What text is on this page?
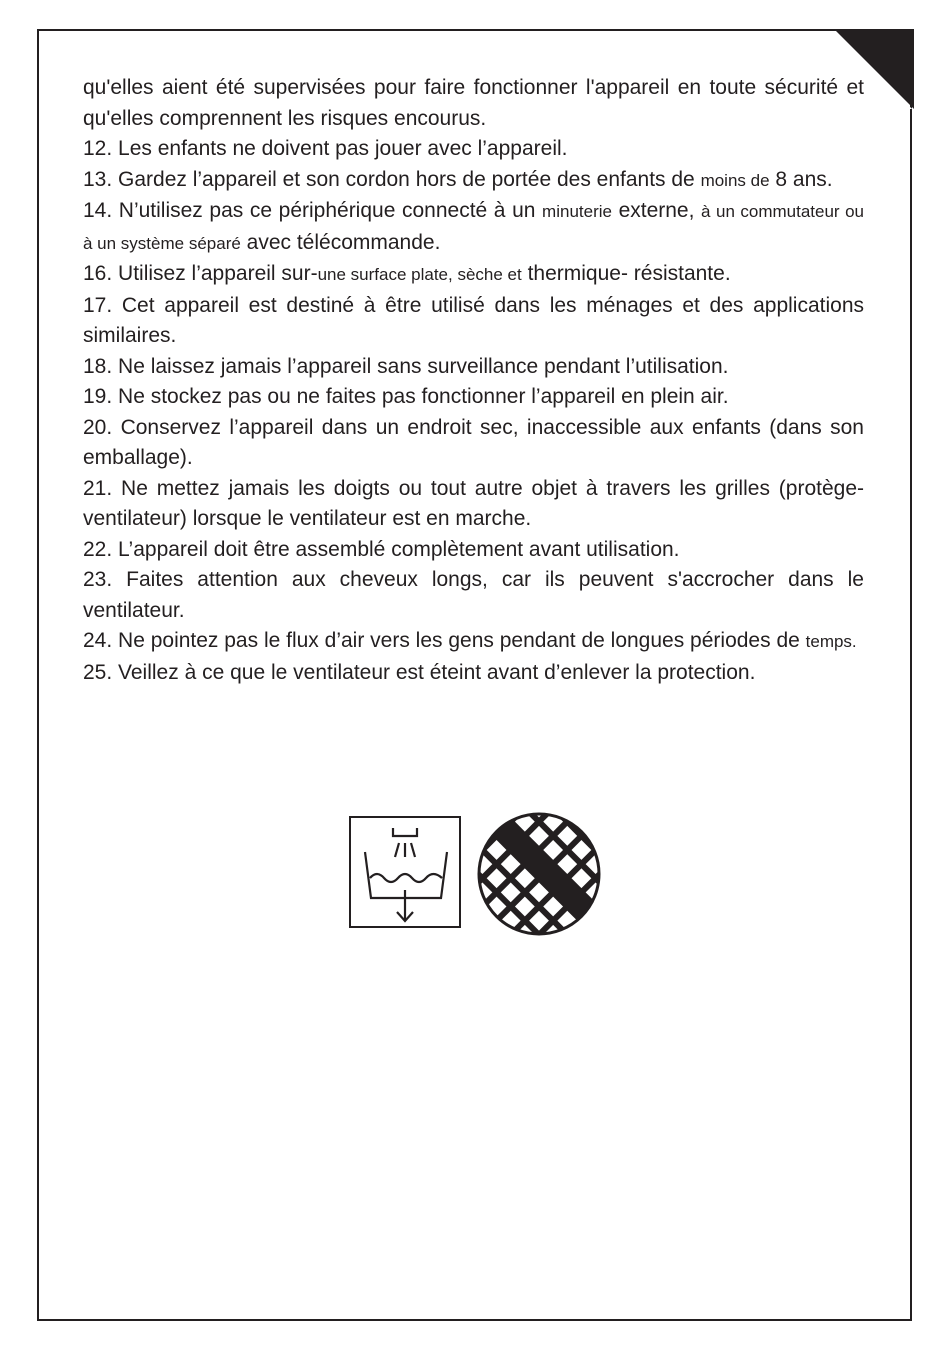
qu'elles aient été supervisées pour faire fonctionner l'appareil en toute sécurité et qu'elles comprennent les risques encourus.

12. Les enfants ne doivent pas jouer avec l’appareil.

13. Gardez l’appareil et son cordon hors de portée des enfants de moins de 8 ans.

14. N’utilisez pas ce périphérique connecté à un minuterie externe, à un commutateur ou à un système séparé avec télécommande.

16. Utilisez l’appareil sur-une surface plate, sèche et thermique- résistante.

17. Cet appareil est destiné à être utilisé dans les ménages et des applications similaires.

18. Ne laissez jamais l’appareil sans surveillance pendant l’utilisation.

19. Ne stockez pas ou ne faites pas fonctionner l’appareil en plein air.

20. Conservez l’appareil dans un endroit sec, inaccessible aux enfants (dans son emballage).

21. Ne mettez jamais les doigts ou tout autre objet à travers les grilles (protège-ventilateur) lorsque le ventilateur est en marche.

22. L’appareil doit être assemblé complètement avant utilisation.

23. Faites attention aux cheveux longs, car ils peuvent s'accrocher dans le ventilateur.

24. Ne pointez pas le flux d’air vers les gens pendant de longues périodes de temps.

25. Veillez à ce que le ventilateur est éteint avant d’enlever la protection.
